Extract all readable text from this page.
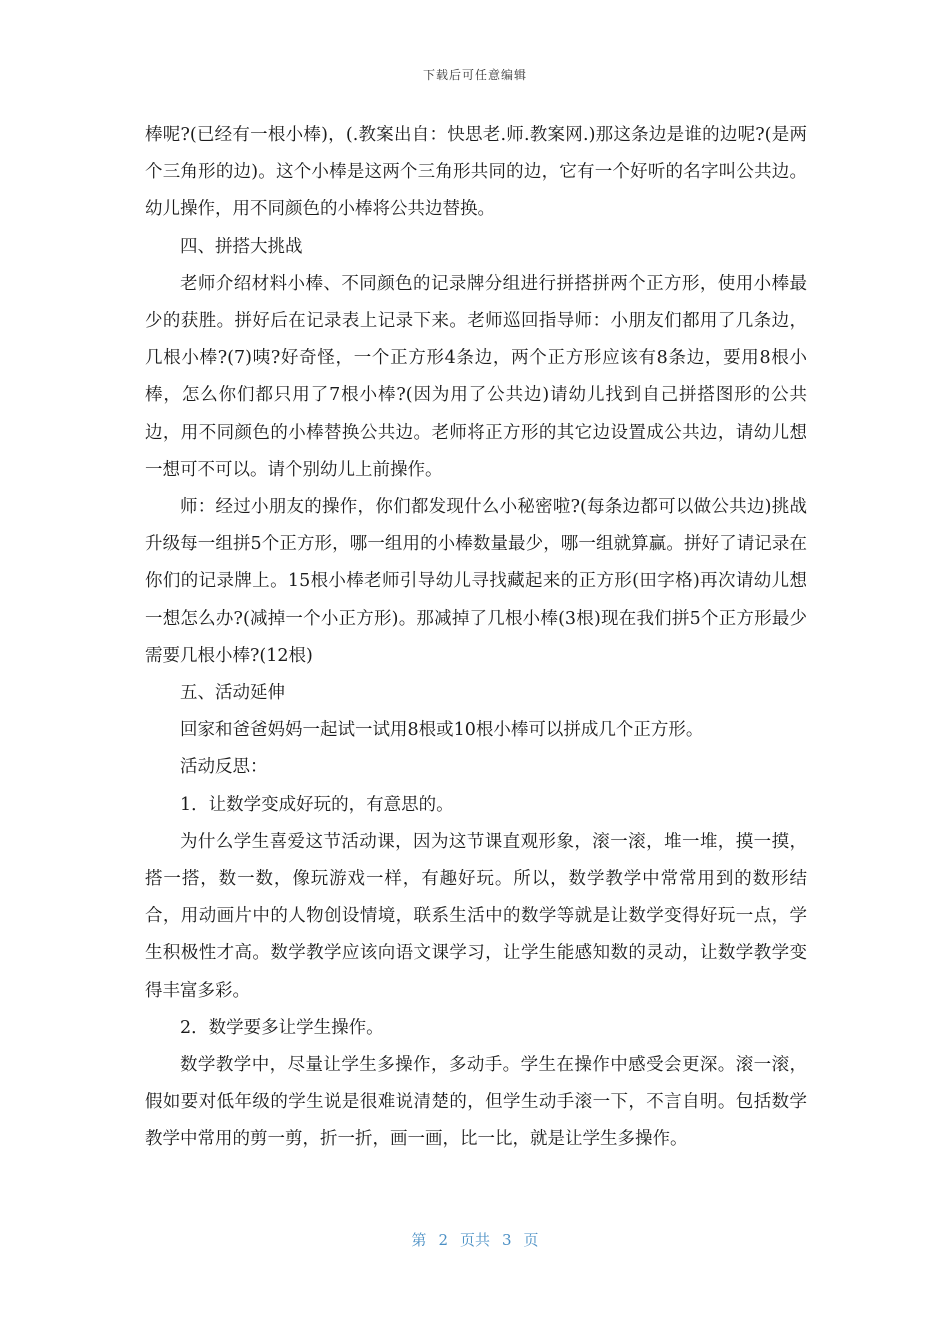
下载后可任意编辑

棒呢?(已经有一根小棒)，(.教案出自：快思老.师.教案网.)那这条边是谁的边呢?(是两个三角形的边)。这个小棒是这两个三角形共同的边，它有一个好听的名字叫公共边。幼儿操作，用不同颜色的小棒将公共边替换。

四、拼搭大挑战

老师介绍材料小棒、不同颜色的记录牌分组进行拼搭拼两个正方形，使用小棒最少的获胜。拼好后在记录表上记录下来。老师巡回指导师：小朋友们都用了几条边，几根小棒?(7)咦?好奇怪，一个正方形4条边，两个正方形应该有8条边，要用8根小棒，怎么你们都只用了7根小棒?(因为用了公共边)请幼儿找到自己拼搭图形的公共边，用不同颜色的小棒替换公共边。老师将正方形的其它边设置成公共边，请幼儿想一想可不可以。请个别幼儿上前操作。

师：经过小朋友的操作，你们都发现什么小秘密啦?(每条边都可以做公共边)挑战升级每一组拼5个正方形，哪一组用的小棒数量最少，哪一组就算赢。拼好了请记录在你们的记录牌上。15根小棒老师引导幼儿寻找藏起来的正方形(田字格)再次请幼儿想一想怎么办?(减掉一个小正方形)。那减掉了几根小棒(3根)现在我们拼5个正方形最少需要几根小棒?(12根)

五、活动延伸

回家和爸爸妈妈一起试一试用8根或10根小棒可以拼成几个正方形。

活动反思：

1．让数学变成好玩的，有意思的。

为什么学生喜爱这节活动课，因为这节课直观形象，滚一滚，堆一堆，摸一摸，搭一搭，数一数，像玩游戏一样，有趣好玩。所以，数学教学中常常用到的数形结合，用动画片中的人物创设情境，联系生活中的数学等就是让数学变得好玩一点，学生积极性才高。数学教学应该向语文课学习，让学生能感知数的灵动，让数学教学变得丰富多彩。

2．数学要多让学生操作。

数学教学中，尽量让学生多操作，多动手。学生在操作中感受会更深。滚一滚，假如要对低年级的学生说是很难说清楚的，但学生动手滚一下，不言自明。包括数学教学中常用的剪一剪，折一折，画一画，比一比，就是让学生多操作。

第 2 页共 3 页
